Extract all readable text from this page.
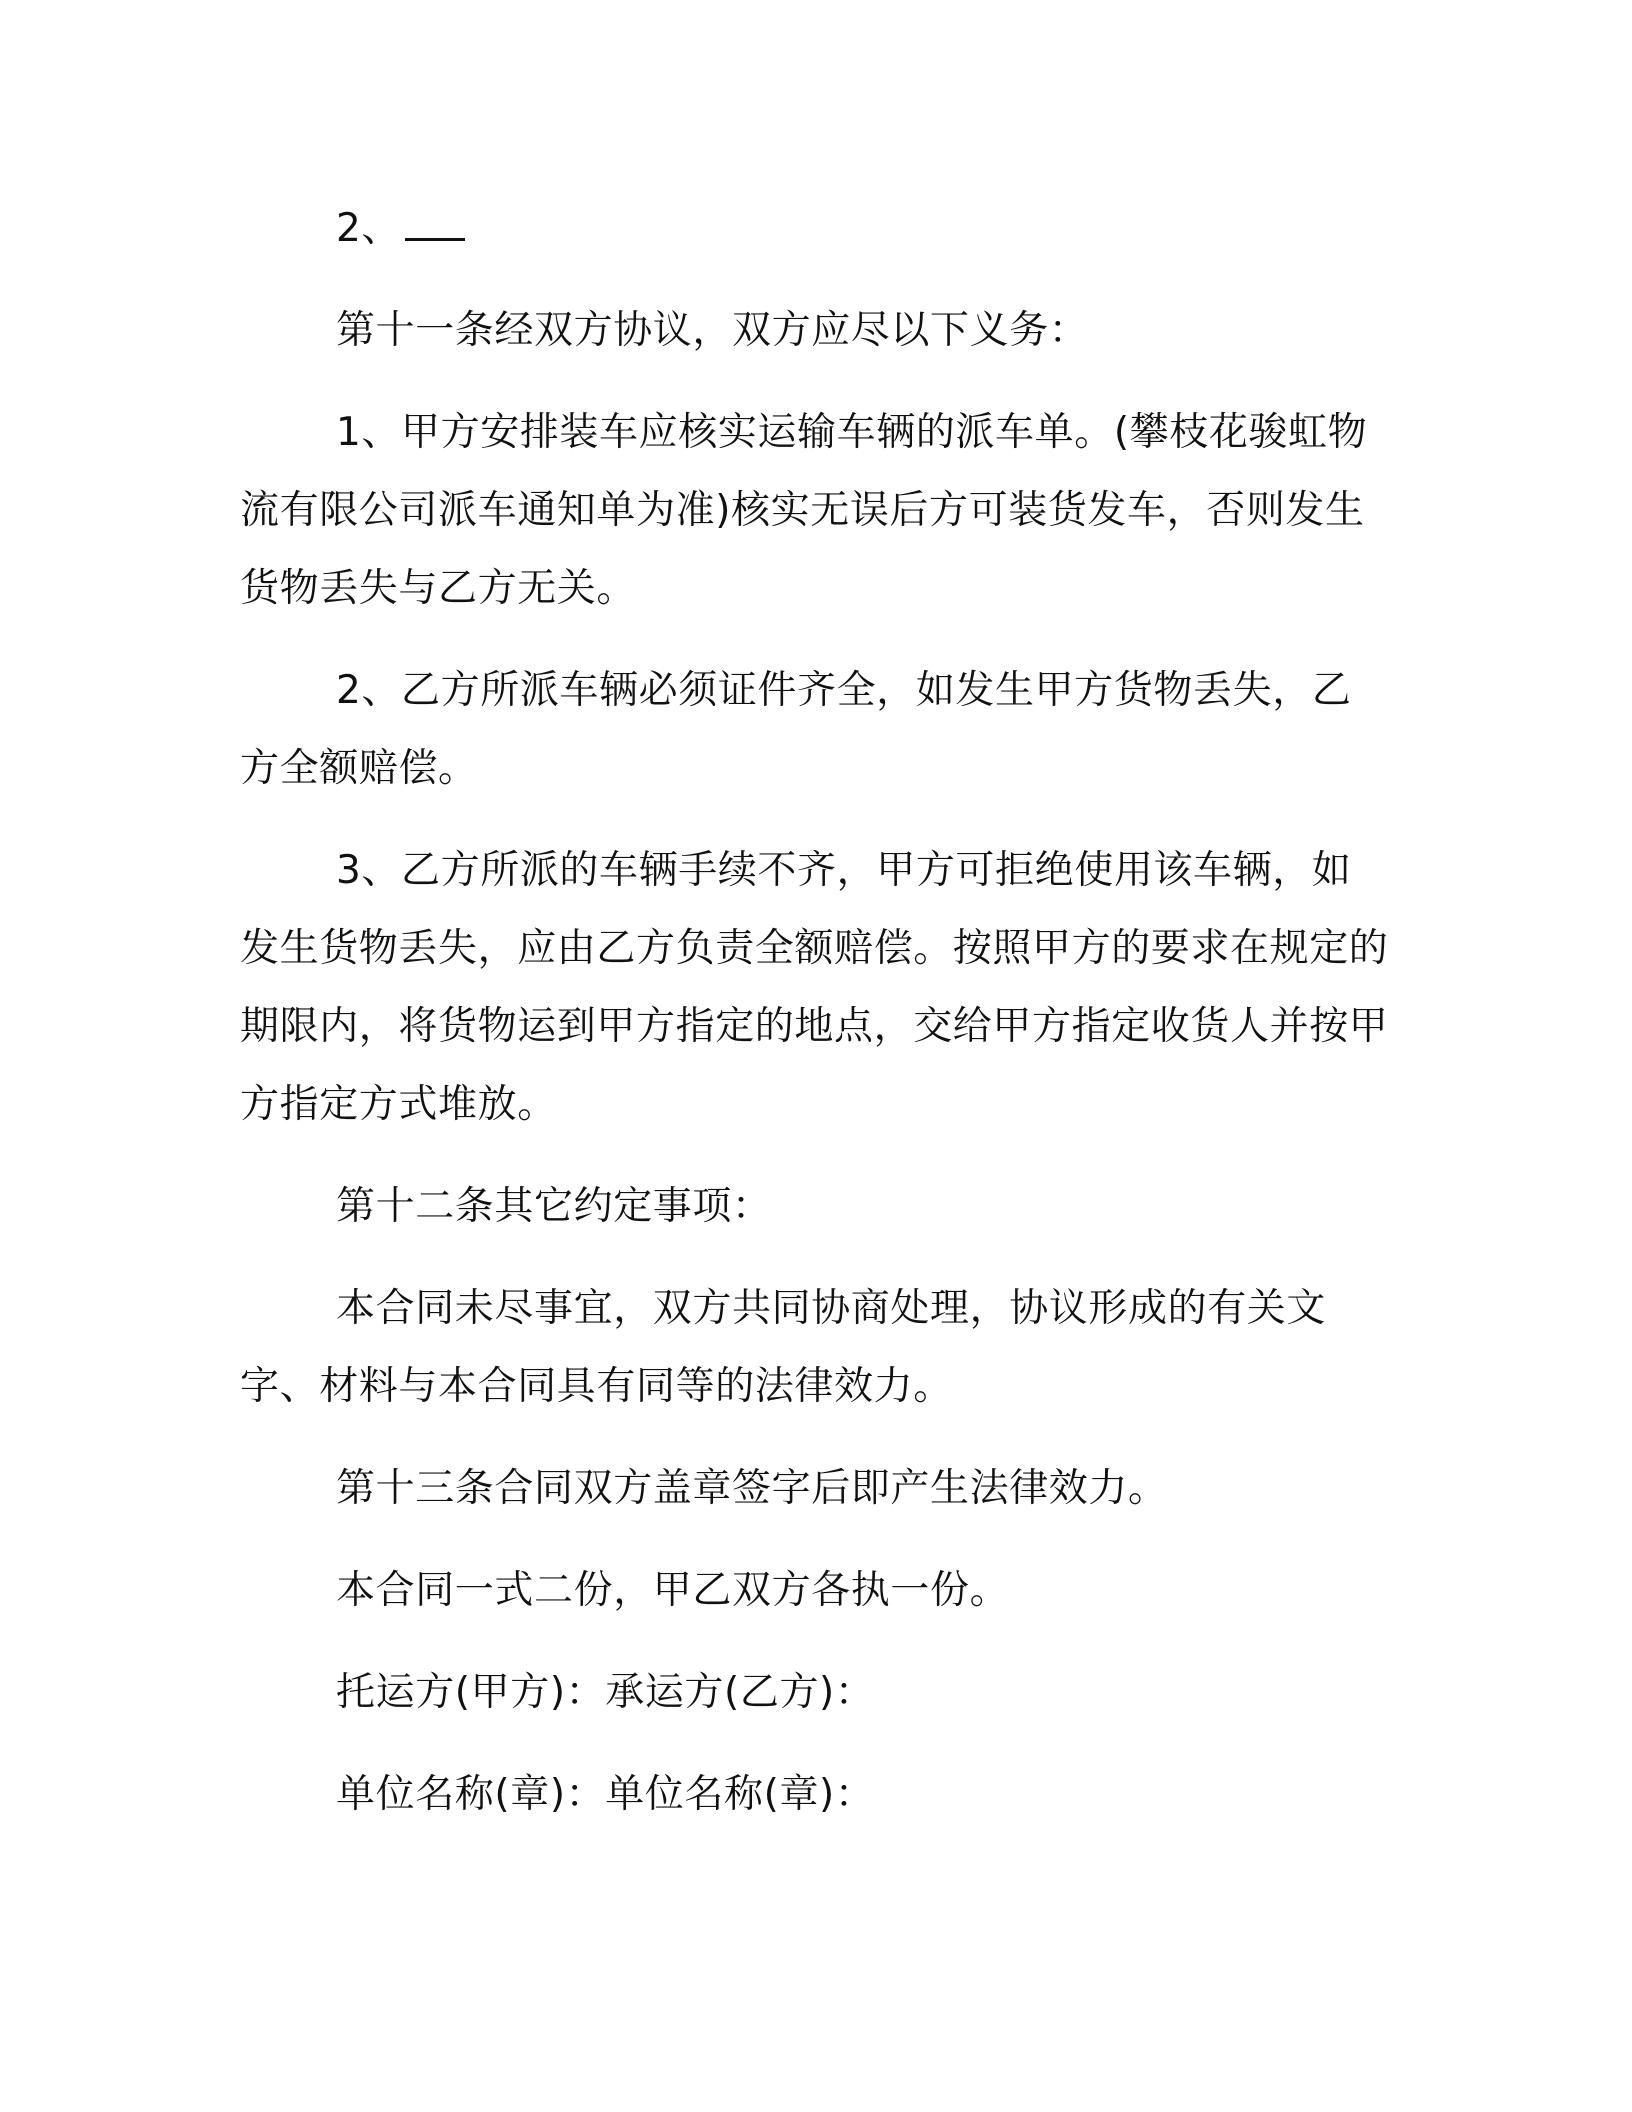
2、

第十一条经双方协议，双方应尽以下义务：

1、甲方安排装车应核实运输车辆的派车单。(攀枝花骏虹物流有限公司派车通知单为准)核实无误后方可装货发车，否则发生货物丢失与乙方无关。

2、乙方所派车辆必须证件齐全，如发生甲方货物丢失，乙方全额赔偿。

3、乙方所派的车辆手续不齐，甲方可拒绝使用该车辆，如发生货物丢失，应由乙方负责全额赔偿。按照甲方的要求在规定的期限内，将货物运到甲方指定的地点，交给甲方指定收货人并按甲方指定方式堆放。

第十二条其它约定事项：

本合同未尽事宜，双方共同协商处理，协议形成的有关文字、材料与本合同具有同等的法律效力。

第十三条合同双方盖章签字后即产生法律效力。

本合同一式二份，甲乙双方各执一份。

托运方(甲方)：承运方(乙方)：

单位名称(章)：单位名称(章)：
